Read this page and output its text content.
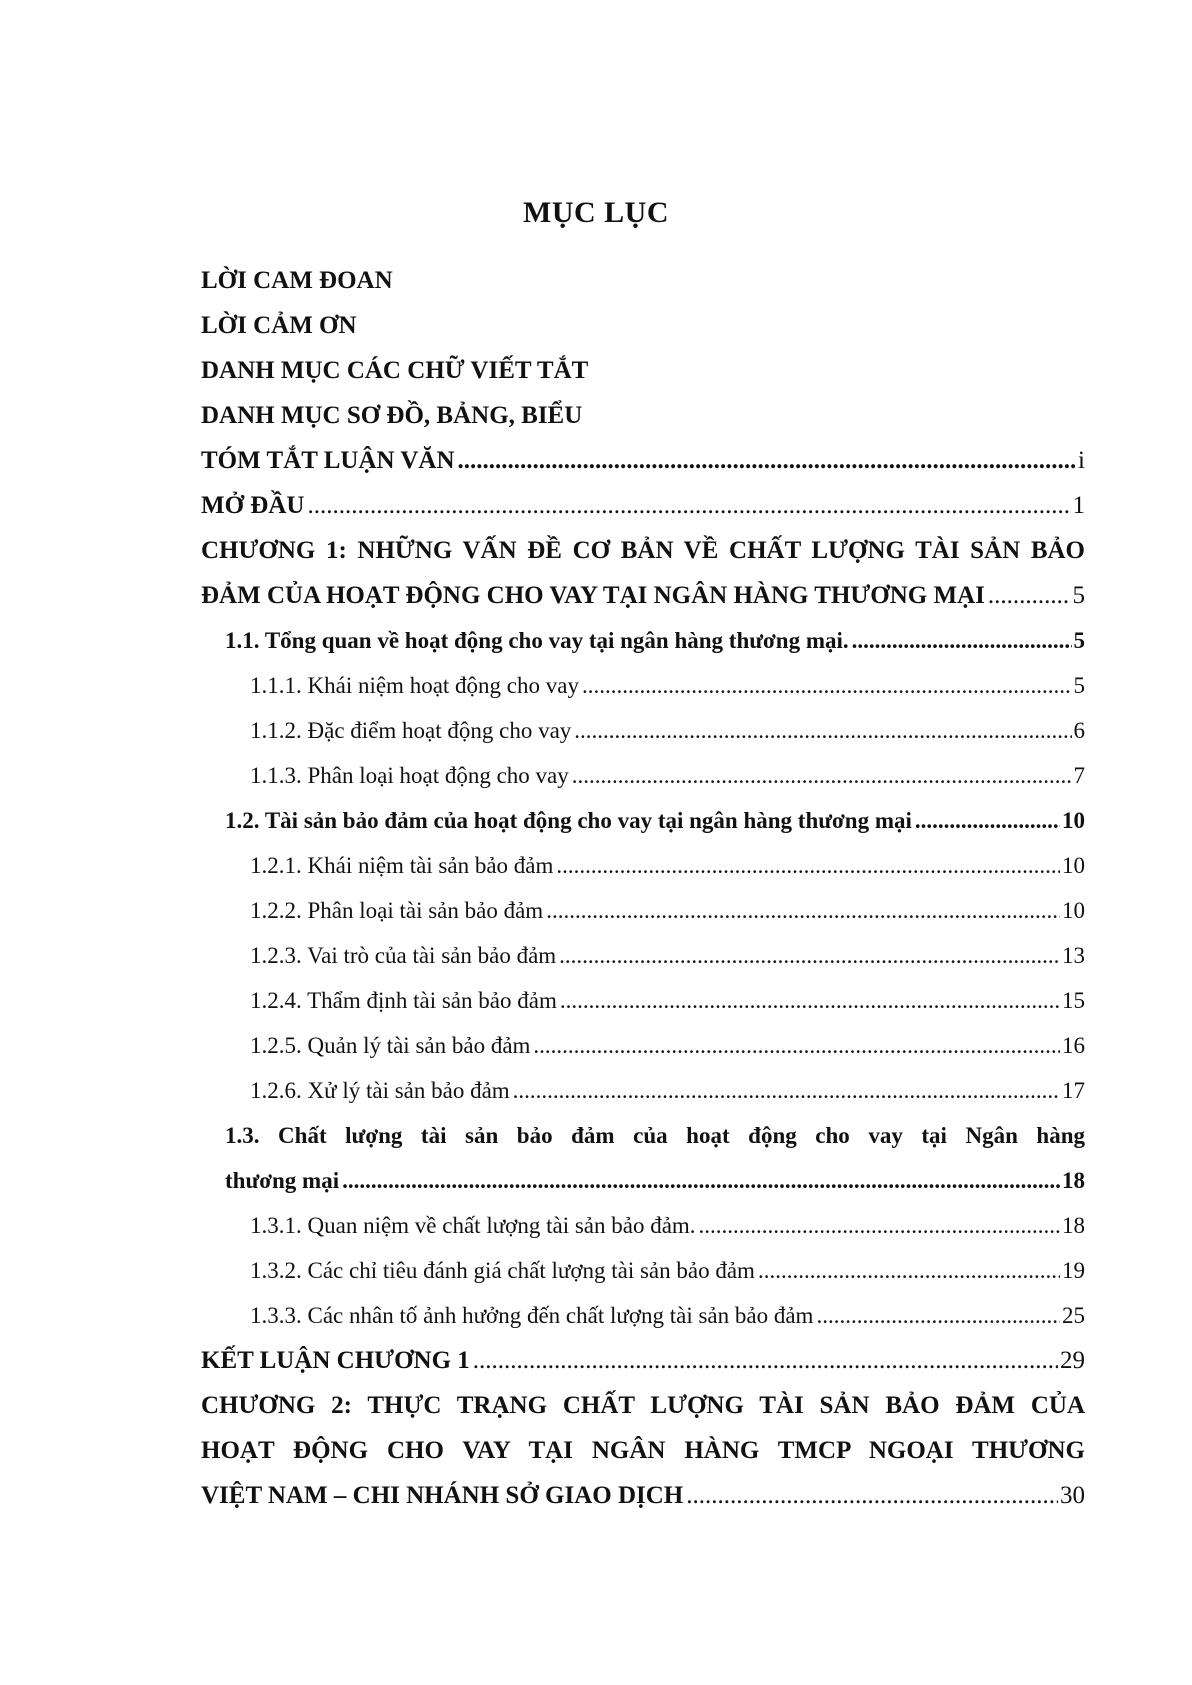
MỤC LỤC
LỜI CAM ĐOAN
LỜI CẢM ƠN
DANH MỤC CÁC CHỮ VIẾT TẮT
DANH MỤC SƠ ĐỒ, BẢNG, BIỂU
TÓM TẮT LUẬN VĂN .....	i
MỞ ĐẦU .....	1
CHƯƠNG 1: NHỮNG VẤN ĐỀ CƠ BẢN VỀ CHẤT LƯỢNG TÀI SẢN BẢO
ĐẢM CỦA HOẠT ĐỘNG CHO VAY TẠI NGÂN HÀNG THƯƠNG MẠI .....	5
1.1. Tổng quan về hoạt động cho vay tại ngân hàng thương mại. .....	5
1.1.1. Khái niệm hoạt động cho vay .....	5
1.1.2. Đặc điểm hoạt động cho vay .....	6
1.1.3. Phân loại hoạt động cho vay .....	7
1.2. Tài sản bảo đảm của hoạt động cho vay tại ngân hàng thương mại .....	10
1.2.1. Khái niệm tài sản bảo đảm .....	10
1.2.2. Phân loại tài sản bảo đảm .....	10
1.2.3. Vai trò của tài sản bảo đảm .....	13
1.2.4. Thẩm định tài sản bảo đảm .....	15
1.2.5. Quản lý tài sản bảo đảm .....	16
1.2.6. Xử lý tài sản bảo đảm .....	17
1.3. Chất lượng tài sản bảo đảm của hoạt động cho vay tại Ngân hàng
thương mại .....	18
1.3.1. Quan niệm về chất lượng tài sản bảo đảm. .....	18
1.3.2. Các chỉ tiêu đánh giá chất lượng tài sản bảo đảm .....	19
1.3.3. Các nhân tố ảnh hưởng đến chất lượng tài sản bảo đảm .....	25
KẾT LUẬN CHƯƠNG 1 .....	29
CHƯƠNG 2: THỰC TRẠNG CHẤT LƯỢNG TÀI SẢN BẢO ĐẢM CỦA
HOẠT ĐỘNG CHO VAY TẠI NGÂN HÀNG TMCP NGOẠI THƯƠNG
VIỆT NAM – CHI NHÁNH SỞ GIAO DỊCH .....	30
